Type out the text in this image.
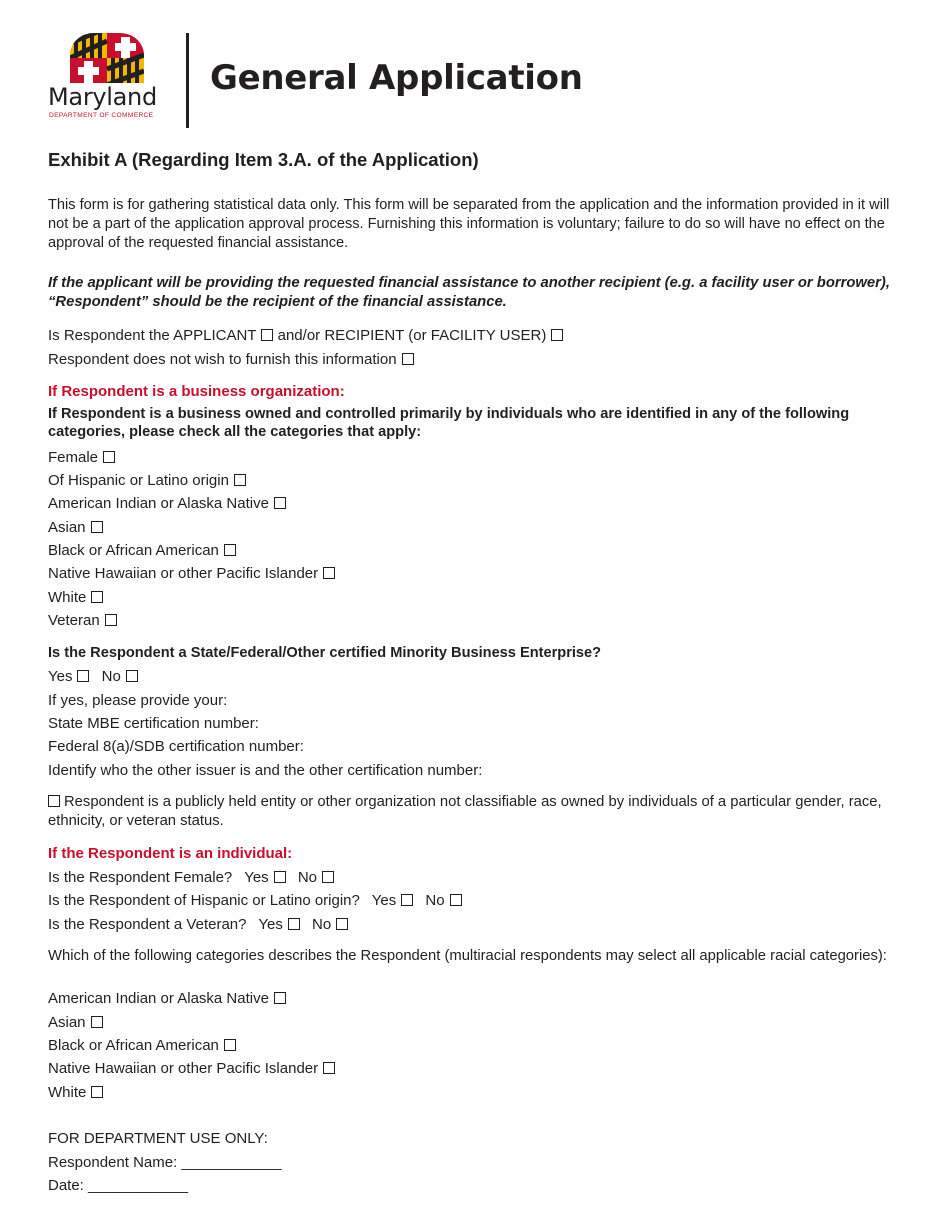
Maryland
DEPARTMENT OF COMMERCE
General Application
Exhibit A (Regarding Item 3.A. of the Application)
This form is for gathering statistical data only. This form will be separated from the application and the information provided in it will not be a part of the application approval process. Furnishing this information is voluntary; failure to do so will have no effect on the approval of the requested financial assistance.
If the applicant will be providing the requested financial assistance to another recipient (e.g. a facility user or borrower), “Respondent” should be the recipient of the financial assistance.
Is Respondent the APPLICANT and/or RECIPIENT (or FACILITY USER)
Respondent does not wish to furnish this information
If Respondent is a business organization:
If Respondent is a business owned and controlled primarily by individuals who are identified in any of the following categories, please check all the categories that apply:
Female
Of Hispanic or Latino origin
American Indian or Alaska Native
Asian
Black or African American
Native Hawaiian or other Pacific Islander
White
Veteran
Is the Respondent a State/Federal/Other certified Minority Business Enterprise?
Yes No
If yes, please provide your:
State MBE certification number:
Federal 8(a)/SDB certification number:
Identify who the other issuer is and the other certification number:
Respondent is a publicly held entity or other organization not classifiable as owned by individuals of a particular gender, race, ethnicity, or veteran status.
If the Respondent is an individual:
Is the Respondent Female? Yes No
Is the Respondent of Hispanic or Latino origin? Yes No
Is the Respondent a Veteran? Yes No
Which of the following categories describes the Respondent (multiracial respondents may select all applicable racial categories):
American Indian or Alaska Native
Asian
Black or African American
Native Hawaiian or other Pacific Islander
White
FOR DEPARTMENT USE ONLY:
Respondent Name: ____________
Date: ____________
